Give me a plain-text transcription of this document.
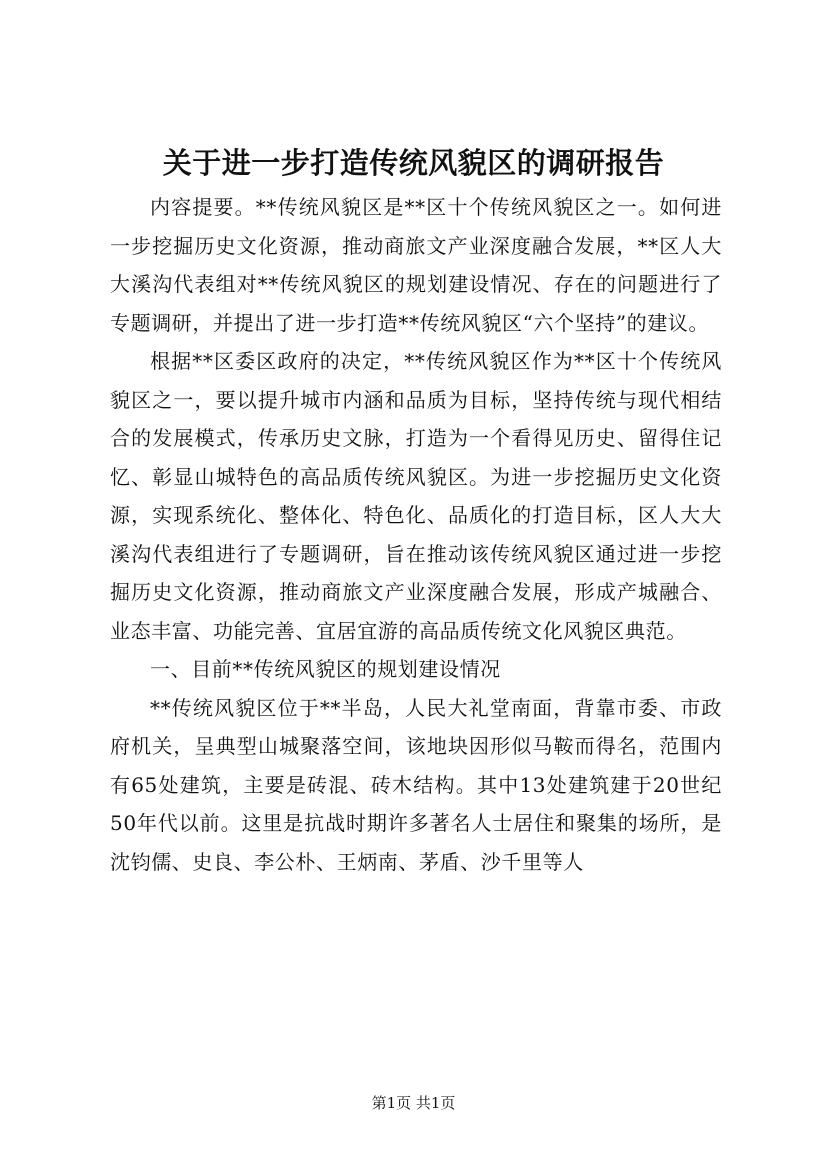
关于进一步打造传统风貌区的调研报告

内容提要。**传统风貌区是**区十个传统风貌区之一。如何进一步挖掘历史文化资源，推动商旅文产业深度融合发展，**区人大大溪沟代表组对**传统风貌区的规划建设情况、存在的问题进行了专题调研，并提出了进一步打造**传统风貌区“六个坚持”的建议。

根据**区委区政府的决定，**传统风貌区作为**区十个传统风貌区之一，要以提升城市内涵和品质为目标，坚持传统与现代相结合的发展模式，传承历史文脉，打造为一个看得见历史、留得住记忆、彰显山城特色的高品质传统风貌区。为进一步挖掘历史文化资源，实现系统化、整体化、特色化、品质化的打造目标，区人大大溪沟代表组进行了专题调研，旨在推动该传统风貌区通过进一步挖掘历史文化资源，推动商旅文产业深度融合发展，形成产城融合、业态丰富、功能完善、宜居宜游的高品质传统文化风貌区典范。

一、目前**传统风貌区的规划建设情况

**传统风貌区位于**半岛，人民大礼堂南面，背靠市委、市政府机关，呈典型山城聚落空间，该地块因形似马鞍而得名，范围内有65处建筑，主要是砖混、砖木结构。其中13处建筑建于20世纪50年代以前。这里是抗战时期许多著名人士居住和聚集的场所，是沈钧儒、史良、李公朴、王炳南、茅盾、沙千里等人

第1页 共1页
